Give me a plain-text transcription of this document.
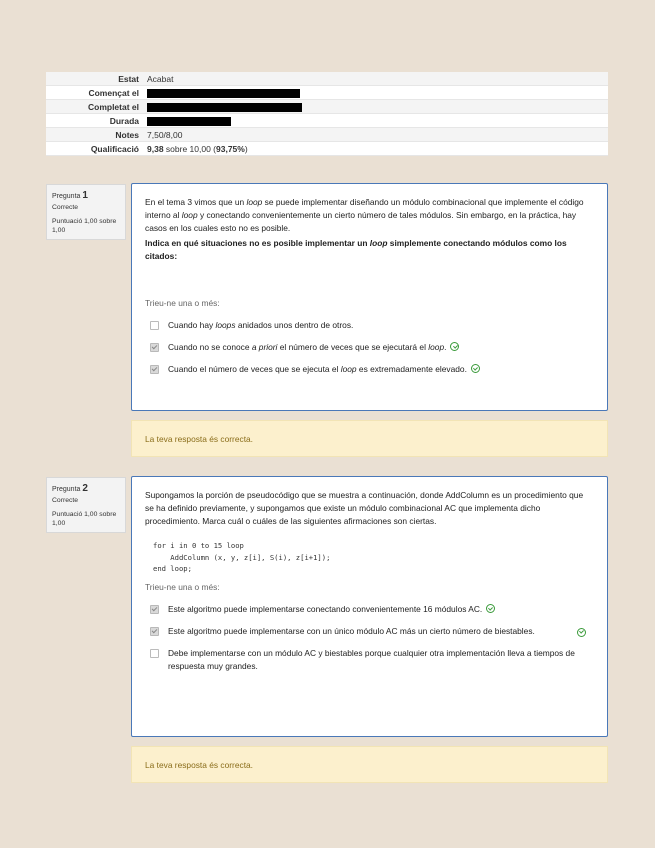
Estat	Acabat
Començat el	
Completat el	
Durada	
Notes	7,50/8,00
Qualificació	9,38 sobre 10,00 (93,75%)
Pregunta 1
Correcte
Puntuació 1,00 sobre 1,00

En el tema 3 vimos que un loop se puede implementar diseñando un módulo combinacional que implemente el código interno al loop y conectando convenientemente un cierto número de tales módulos. Sin embargo, en la práctica, hay casos en los cuales esto no es posible.

Indica en qué situaciones no es posible implementar un loop simplemente conectando módulos como los citados:

Trieu-ne una o més:
Cuando hay loops anidados unos dentro de otros.
Cuando no se conoce a priori el número de veces que se ejecutará el loop.
Cuando el número de veces que se ejecuta el loop es extremadamente elevado.
La teva resposta és correcta.
Pregunta 2
Correcte
Puntuació 1,00 sobre 1,00

Supongamos la porción de pseudocódigo que se muestra a continuación, donde AddColumn es un procedimiento que se ha definido previamente, y supongamos que existe un módulo combinacional AC que implementa dicho procedimiento. Marca cuál o cuáles de las siguientes afirmaciones son ciertas.

for i in 0 to 15 loop
AddColumn (x, y, z[i], S(i), z[i+1]);
end loop;
Trieu-ne una o més:
Este algoritmo puede implementarse conectando convenientemente 16 módulos AC.
Este algoritmo puede implementarse con un único módulo AC más un cierto número de biestables.
Debe implementarse con un módulo AC y biestables porque cualquier otra implementación lleva a tiempos de respuesta muy grandes.
La teva resposta és correcta.
